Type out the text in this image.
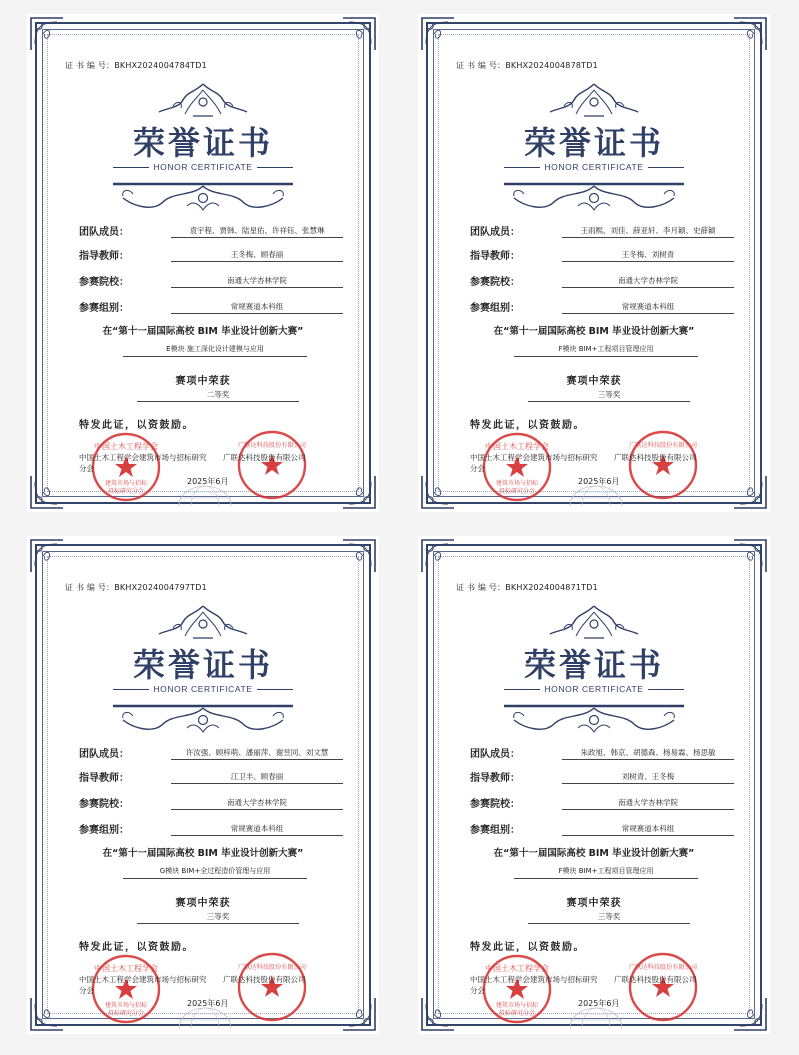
证 书 编 号：BKHX2024004784TD1
荣誉证书
HONOR CERTIFICATE
团队成员：	袁宇程、贾韩、陆星佑、许祥钰、张慧琳
指导教师：	王冬梅、顾春丽
参赛院校：	南通大学杏林学院
参赛组别：	常规赛道本科组
在“第十一届国际高校 BIM 毕业设计创新大赛”
E模块 施工深化设计建模与应用
赛项中荣获
二等奖
特发此证，以资鼓励。
中国土木工程学会
建筑市场与招标
投标研究分会
广联达科技股份有限公司
中国土木工程学会建筑市场与招标研究分会
广联达科技股份有限公司
2025年6月
证 书 编 号：BKHX2024004878TD1
荣誉证书
HONOR CERTIFICATE
团队成员：	王雨熙、刘佳、薛亚轩、李月颖、史薛颖
指导教师：	王冬梅、刘树青
参赛院校：	南通大学杏林学院
参赛组别：	常规赛道本科组
在“第十一届国际高校 BIM 毕业设计创新大赛”
F模块 BIM+工程项目管理应用
赛项中荣获
三等奖
特发此证，以资鼓励。
中国土木工程学会
建筑市场与招标
投标研究分会
广联达科技股份有限公司
中国土木工程学会建筑市场与招标研究分会
广联达科技股份有限公司
2025年6月
证 书 编 号：BKHX2024004797TD1
荣誉证书
HONOR CERTIFICATE
团队成员：	许汝强、顾梓萌、潘丽萍、谢昱同、刘文慧
指导教师：	江卫丰、顾春丽
参赛院校：	南通大学杏林学院
参赛组别：	常规赛道本科组
在“第十一届国际高校 BIM 毕业设计创新大赛”
G模块 BIM+全过程造价管理与应用
赛项中荣获
三等奖
特发此证，以资鼓励。
中国土木工程学会
建筑市场与招标
投标研究分会
广联达科技股份有限公司
中国土木工程学会建筑市场与招标研究分会
广联达科技股份有限公司
2025年6月
证 书 编 号：BKHX2024004871TD1
荣誉证书
HONOR CERTIFICATE
团队成员：	朱政旭、韩京、胡德森、杨易霖、杨思敏
指导教师：	刘树青、王冬梅
参赛院校：	南通大学杏林学院
参赛组别：	常规赛道本科组
在“第十一届国际高校 BIM 毕业设计创新大赛”
F模块 BIM+工程项目管理应用
赛项中荣获
三等奖
特发此证，以资鼓励。
中国土木工程学会
建筑市场与招标
投标研究分会
广联达科技股份有限公司
中国土木工程学会建筑市场与招标研究分会
广联达科技股份有限公司
2025年6月
